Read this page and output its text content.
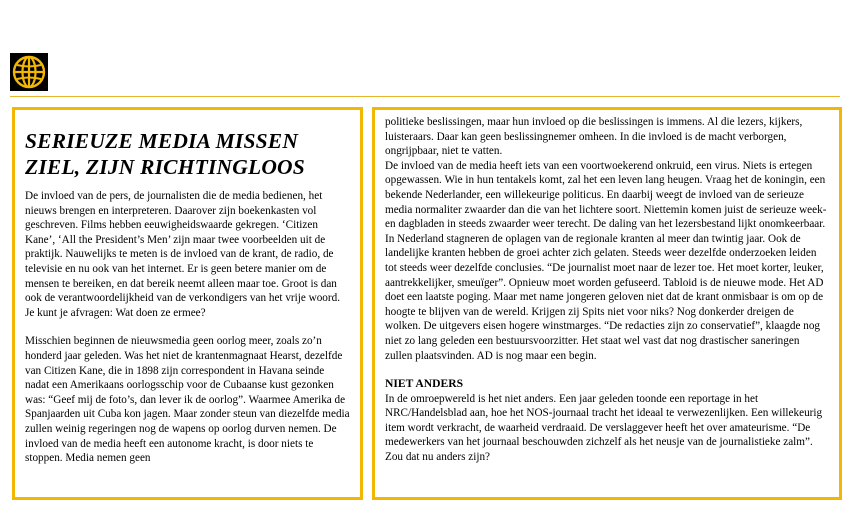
SERIEUZE MEDIA MISSEN
ZIEL, ZIJN RICHTINGLOOS

De invloed van de pers, de journalisten die de media bedienen, het nieuws brengen en interpreteren. Daarover zijn boekenkasten vol geschreven. Films hebben eeuwigheidswaarde gekregen. ‘Citizen Kane’, ‘All the President’s Men’ zijn maar twee voorbeelden uit de praktijk. Nauwelijks te meten is de invloed van de krant, de radio, de televisie en nu ook van het internet. Er is geen betere manier om de mensen te bereiken, en dat bereik neemt alleen maar toe. Groot is dan ook de verantwoordelijkheid van de verkondigers van het vrije woord. Je kunt je afvragen: Wat doen ze ermee?

Misschien beginnen de nieuwsmedia geen oorlog meer, zoals zo’n honderd jaar geleden. Was het niet de krantenmagnaat Hearst, dezelfde van Citizen Kane, die in 1898 zijn correspondent in Havana seinde nadat een Amerikaans oorlogsschip voor de Cubaanse kust gezonken was: “Geef mij de foto’s, dan lever ik de oorlog”. Waarmee Amerika de Spanjaarden uit Cuba kon jagen. Maar zonder steun van diezelfde media zullen weinig regeringen nog de wapens op oorlog durven nemen. De invloed van de media heeft een autonome kracht, is door niets te stoppen. Media nemen geen

politieke beslissingen, maar hun invloed op die beslissingen is immens. Al die lezers, kijkers, luisteraars. Daar kan geen beslissingnemer omheen. In die invloed is de macht verborgen, ongrijpbaar, niet te vatten.

De invloed van de media heeft iets van een voortwoekerend onkruid, een virus. Niets is ertegen opgewassen. Wie in hun tentakels komt, zal het een leven lang heugen. Vraag het de koningin, een bekende Nederlander, een willekeurige politicus. En daarbij weegt de invloed van de serieuze media normaliter zwaarder dan die van het lichtere soort. Niettemin komen juist de serieuze week- en dagbladen in steeds zwaarder weer terecht. De daling van het lezersbestand lijkt onomkeerbaar. In Nederland stagneren de oplagen van de regionale kranten al meer dan twintig jaar. Ook de landelijke kranten hebben de groei achter zich gelaten. Steeds weer dezelfde onderzoeken leiden tot steeds weer dezelfde conclusies. “De journalist moet naar de lezer toe. Het moet korter, leuker, aantrekkelijker, smeuïger”. Opnieuw moet worden gefuseerd. Tabloid is de nieuwe mode. Het AD doet een laatste poging. Maar met name jongeren geloven niet dat de krant onmisbaar is om op de hoogte te blijven van de wereld. Krijgen zij Spits niet voor niks? Nog donkerder dreigen de wolken. De uitgevers eisen hogere winstmarges. “De redacties zijn zo conservatief”, klaagde nog niet zo lang geleden een bestuursvoorzitter. Het staat wel vast dat nog drastischer saneringen zullen plaatsvinden. AD is nog maar een begin.

NIET ANDERS

In de omroepwereld is het niet anders. Een jaar geleden toonde een reportage in het NRC/Handelsblad aan, hoe het NOS-journaal tracht het ideaal te verwezenlijken. Een willekeurig item wordt verkracht, de waarheid verdraaid. De verslaggever heeft het over amateurisme. “De medewerkers van het journaal beschouwden zichzelf als het neusje van de journalistieke zalm”. Zou dat nu anders zijn?
